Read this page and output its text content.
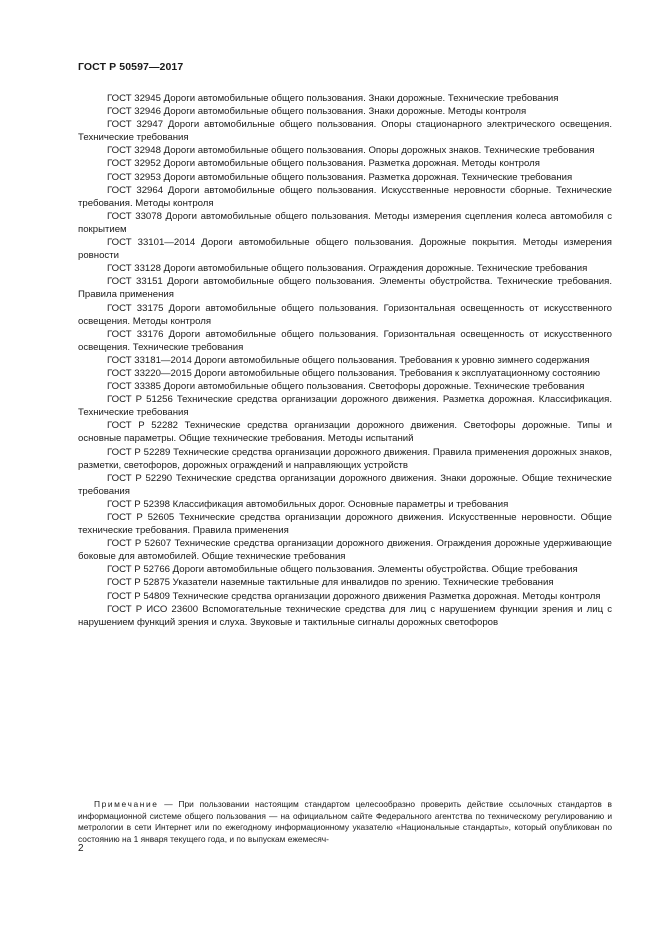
ГОСТ Р 50597—2017

ГОСТ 32945 Дороги автомобильные общего пользования. Знаки дорожные. Технические требования

ГОСТ 32946 Дороги автомобильные общего пользования. Знаки дорожные. Методы контроля

ГОСТ 32947 Дороги автомобильные общего пользования. Опоры стационарного электрического освещения. Технические требования

ГОСТ 32948 Дороги автомобильные общего пользования. Опоры дорожных знаков. Технические требования

ГОСТ 32952 Дороги автомобильные общего пользования. Разметка дорожная. Методы контроля

ГОСТ 32953 Дороги автомобильные общего пользования. Разметка дорожная. Технические требования

ГОСТ 32964 Дороги автомобильные общего пользования. Искусственные неровности сборные. Технические требования. Методы контроля

ГОСТ 33078 Дороги автомобильные общего пользования. Методы измерения сцепления колеса автомобиля с покрытием

ГОСТ 33101—2014 Дороги автомобильные общего пользования. Дорожные покрытия. Методы измерения ровности

ГОСТ 33128 Дороги автомобильные общего пользования. Ограждения дорожные. Технические требования

ГОСТ 33151 Дороги автомобильные общего пользования. Элементы обустройства. Технические требования. Правила применения

ГОСТ 33175 Дороги автомобильные общего пользования. Горизонтальная освещенность от искусственного освещения. Методы контроля

ГОСТ 33176 Дороги автомобильные общего пользования. Горизонтальная освещенность от искусственного освещения. Технические требования

ГОСТ 33181—2014 Дороги автомобильные общего пользования. Требования к уровню зимнего содержания

ГОСТ 33220—2015 Дороги автомобильные общего пользования. Требования к эксплуатационному состоянию

ГОСТ 33385 Дороги автомобильные общего пользования. Светофоры дорожные. Технические требования

ГОСТ Р 51256 Технические средства организации дорожного движения. Разметка дорожная. Классификация. Технические требования

ГОСТ Р 52282 Технические средства организации дорожного движения. Светофоры дорожные. Типы и основные параметры. Общие технические требования. Методы испытаний

ГОСТ Р 52289 Технические средства организации дорожного движения. Правила применения дорожных знаков, разметки, светофоров, дорожных ограждений и направляющих устройств

ГОСТ Р 52290 Технические средства организации дорожного движения. Знаки дорожные. Общие технические требования

ГОСТ Р 52398 Классификация автомобильных дорог. Основные параметры и требования

ГОСТ Р 52605 Технические средства организации дорожного движения. Искусственные неровности. Общие технические требования. Правила применения

ГОСТ Р 52607 Технические средства организации дорожного движения. Ограждения дорожные удерживающие боковые для автомобилей. Общие технические требования

ГОСТ Р 52766 Дороги автомобильные общего пользования. Элементы обустройства. Общие требования

ГОСТ Р 52875 Указатели наземные тактильные для инвалидов по зрению. Технические требования

ГОСТ Р 54809 Технические средства организации дорожного движения Разметка дорожная. Методы контроля

ГОСТ Р ИСО 23600 Вспомогательные технические средства для лиц с нарушением функции зрения и лиц с нарушением функций зрения и слуха. Звуковые и тактильные сигналы дорожных светофоров

Примечание — При пользовании настоящим стандартом целесообразно проверить действие ссылочных стандартов в информационной системе общего пользования — на официальном сайте Федерального агентства по техническому регулированию и метрологии в сети Интернет или по ежегодному информационному указателю «Национальные стандарты», который опубликован по состоянию на 1 января текущего года, и по выпускам ежемесяч-
2
